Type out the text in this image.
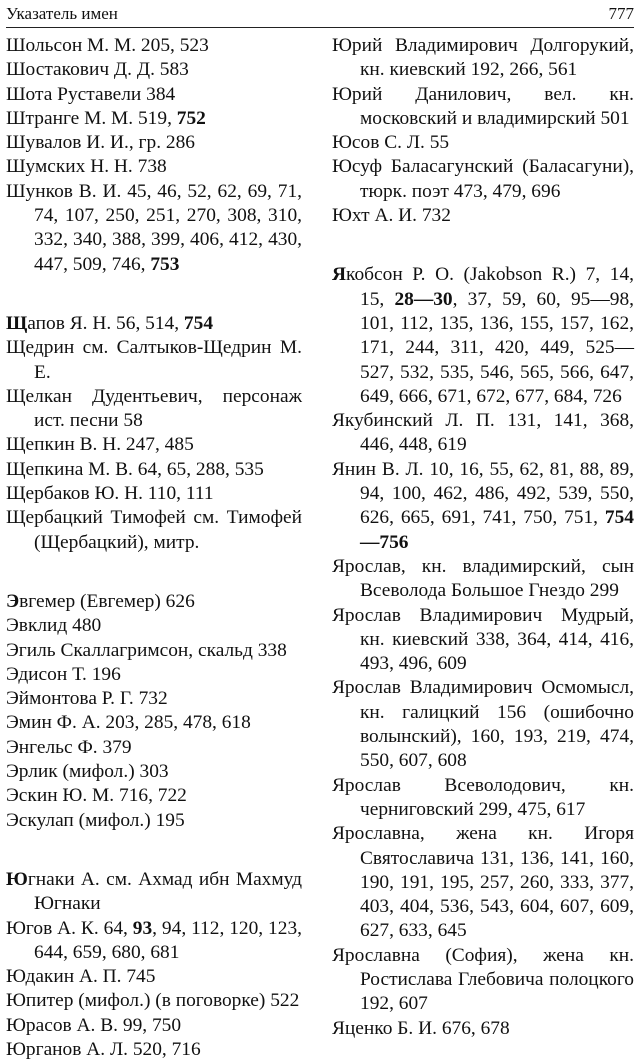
Указатель имен	777

Шольсон М. М. 205, 523

Шостакович Д. Д. 583

Шота Руставели 384

Штранге М. М. 519, 752

Шувалов И. И., гр. 286

Шумских Н. Н. 738

Шунков В. И. 45, 46, 52, 62, 69, 71, 74, 107, 250, 251, 270, 308, 310, 332, 340, 388, 399, 406, 412, 430, 447, 509, 746, 753

Щапов Я. Н. 56, 514, 754

Щедрин см. Салтыков-Щедрин М. Е.

Щелкан Дудентьевич, персонаж ист. песни 58

Щепкин В. Н. 247, 485

Щепкина М. В. 64, 65, 288, 535

Щербаков Ю. Н. 110, 111

Щербацкий Тимофей см. Тимофей (Щербацкий), митр.

Эвгемер (Евгемер) 626

Эвклид 480

Эгиль Скаллагримсон, скальд 338

Эдисон Т. 196

Эймонтова Р. Г. 732

Эмин Ф. А. 203, 285, 478, 618

Энгельс Ф. 379

Эрлик (мифол.) 303

Эскин Ю. М. 716, 722

Эскулап (мифол.) 195

Югнаки А. см. Ахмад ибн Махмуд Югнаки

Югов А. К. 64, 93, 94, 112, 120, 123, 644, 659, 680, 681

Юдакин А. П. 745

Юпитер (мифол.) (в поговорке) 522

Юрасов А. В. 99, 750

Юрганов А. Л. 520, 716

Юрий Владимирович Долгорукий, кн. киевский 192, 266, 561

Юрий Данилович, вел. кн. московский и владимирский 501

Юсов С. Л. 55

Юсуф Баласагунский (Баласагуни), тюрк. поэт 473, 479, 696

Юхт А. И. 732

Якобсон Р. О. (Jakobson R.) 7, 14, 15, 28—30, 37, 59, 60, 95—98, 101, 112, 135, 136, 155, 157, 162, 171, 244, 311, 420, 449, 525—527, 532, 535, 546, 565, 566, 647, 649, 666, 671, 672, 677, 684, 726

Якубинский Л. П. 131, 141, 368, 446, 448, 619

Янин В. Л. 10, 16, 55, 62, 81, 88, 89, 94, 100, 462, 486, 492, 539, 550, 626, 665, 691, 741, 750, 751, 754—756

Ярослав, кн. владимирский, сын Всеволода Большое Гнездо 299

Ярослав Владимирович Мудрый, кн. киевский 338, 364, 414, 416, 493, 496, 609

Ярослав Владимирович Осмомысл, кн. галицкий 156 (ошибочно волынский), 160, 193, 219, 474, 550, 607, 608

Ярослав Всеволодович, кн. черниговский 299, 475, 617

Ярославна, жена кн. Игоря Святославича 131, 136, 141, 160, 190, 191, 195, 257, 260, 333, 377, 403, 404, 536, 543, 604, 607, 609, 627, 633, 645

Ярославна (София), жена кн. Ростислава Глебовича полоцкого 192, 607

Яценко Б. И. 676, 678
